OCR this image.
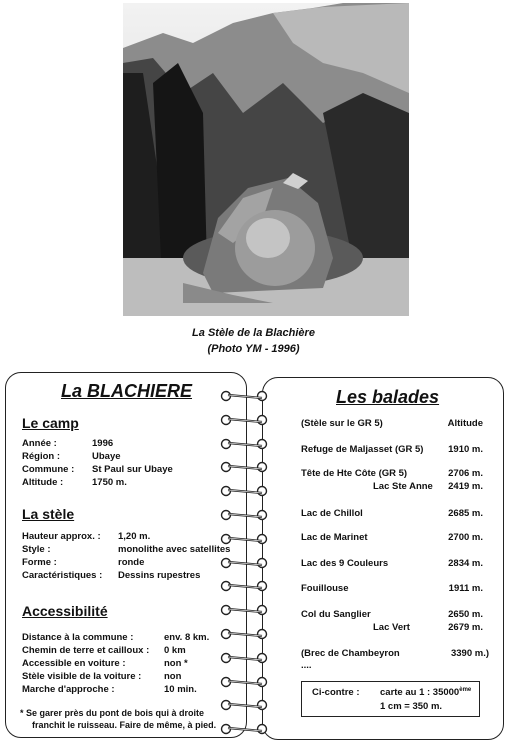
La Stèle de la Blachière
(Photo YM - 1996)
La BLACHIERE
Le camp
Année :	1996
Région :	Ubaye
Commune : St Paul sur Ubaye
Altitude :	1750 m.
La stèle
Hauteur approx. : 1,20 m.
Style :	monolithe avec satellites
Forme :	ronde
Caractéristiques : Dessins rupestres
Accessibilité
Distance à la commune :	env. 8 km.
Chemin de terre et cailloux : 0 km
Accessible en voiture :	non *
Stèle visible de la voiture : non
Marche d'approche :	10 min.
* Se garer près du pont de bois qui à droite
franchit le ruisseau. Faire de même, à pied.
Les balades
(Stèle sur le GR 5)	Altitude
Refuge de Maljasset (GR 5)	1910 m.
Tête de Hte Côte (GR 5)	2706 m.
Lac Ste Anne 2419 m.
Lac de Chillol	2685 m.
Lac de Marinet	2700 m.
Lac des 9 Couleurs	2834 m.
Fouillouse	1911 m.
Col du Sanglier	2650 m.
Lac Vert	2679 m.
(Brec de Chambeyron	3390 m.)
....
Ci-contre : carte au 1 : 35000ème
1 cm = 350 m.
